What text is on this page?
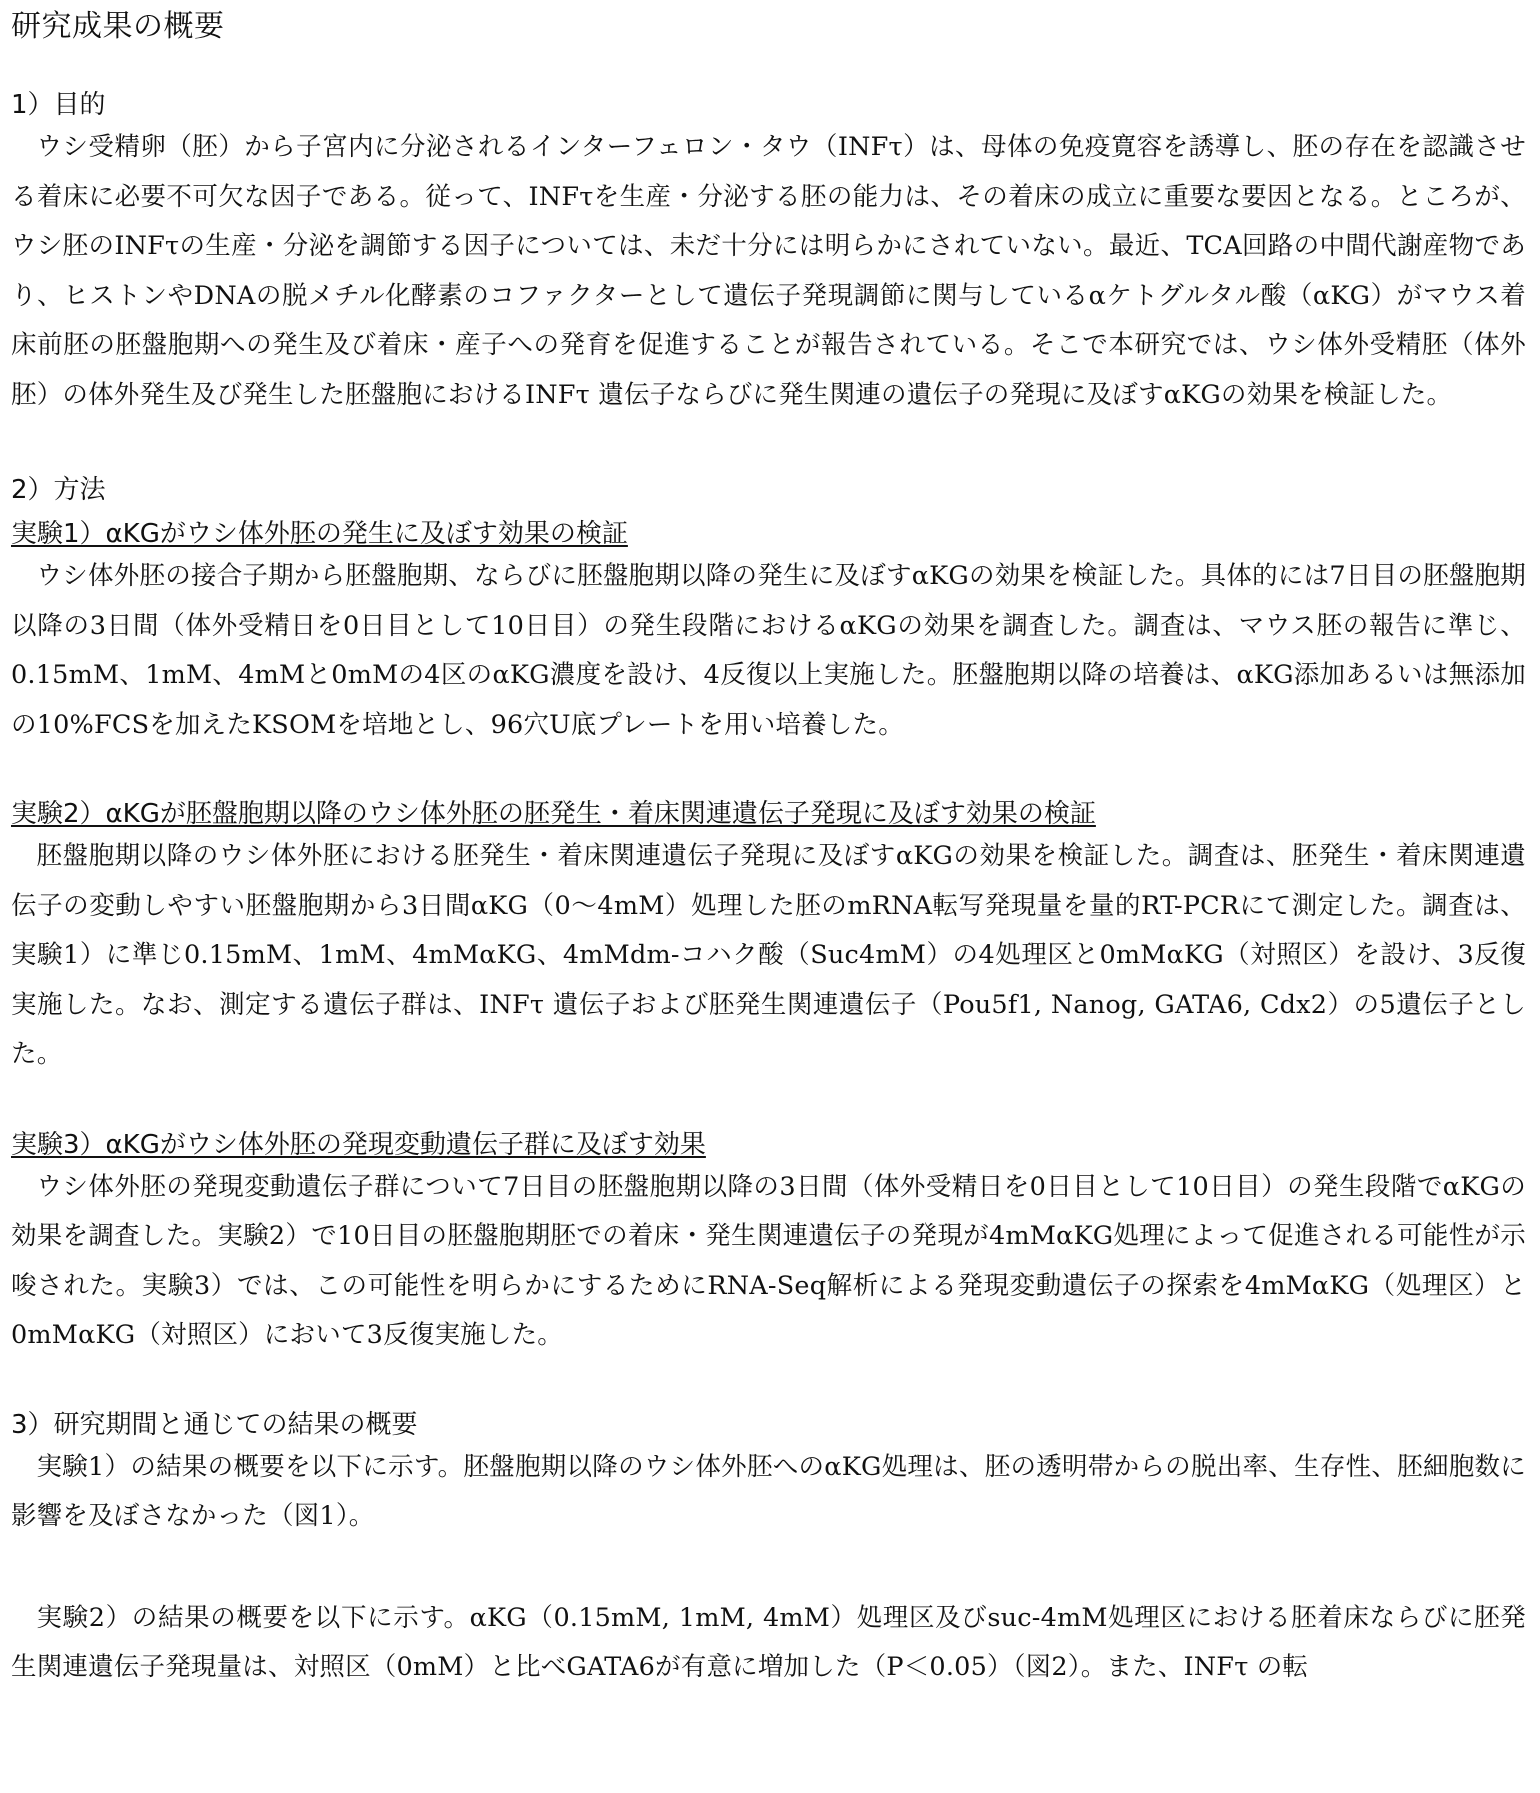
研究成果の概要
1）目的

ウシ受精卵（胚）から子宮内に分泌されるインターフェロン・タウ（INFτ）は、母体の免疫寛容を誘導し、胚の存在を認識させる着床に必要不可欠な因子である。従って、INFτを生産・分泌する胚の能力は、その着床の成立に重要な要因となる。ところが、ウシ胚のINFτの生産・分泌を調節する因子については、未だ十分には明らかにされていない。最近、TCA回路の中間代謝産物であり、ヒストンやDNAの脱メチル化酵素のコファクターとして遺伝子発現調節に関与しているαケトグルタル酸（αKG）がマウス着床前胚の胚盤胞期への発生及び着床・産子への発育を促進することが報告されている。そこで本研究では、ウシ体外受精胚（体外胚）の体外発生及び発生した胚盤胞におけるINFτ 遺伝子ならびに発生関連の遺伝子の発現に及ぼすαKGの効果を検証した。

2）方法
実験1）αKGがウシ体外胚の発生に及ぼす効果の検証

ウシ体外胚の接合子期から胚盤胞期、ならびに胚盤胞期以降の発生に及ぼすαKGの効果を検証した。具体的には7日目の胚盤胞期以降の3日間（体外受精日を0日目として10日目）の発生段階におけるαKGの効果を調査した。調査は、マウス胚の報告に準じ、0.15mM、1mM、4mMと0mMの4区のαKG濃度を設け、4反復以上実施した。胚盤胞期以降の培養は、αKG添加あるいは無添加の10%FCSを加えたKSOMを培地とし、96穴U底プレートを用い培養した。

実験2）αKGが胚盤胞期以降のウシ体外胚の胚発生・着床関連遺伝子発現に及ぼす効果の検証

胚盤胞期以降のウシ体外胚における胚発生・着床関連遺伝子発現に及ぼすαKGの効果を検証した。調査は、胚発生・着床関連遺伝子の変動しやすい胚盤胞期から3日間αKG（0〜4mM）処理した胚のmRNA転写発現量を量的RT-PCRにて測定した。調査は、実験1）に準じ0.15mM、1mM、4mMαKG、4mMdm-コハク酸（Suc4mM）の4処理区と0mMαKG（対照区）を設け、3反復実施した。なお、測定する遺伝子群は、INFτ 遺伝子および胚発生関連遺伝子（Pou5f1, Nanog, GATA6, Cdx2）の5遺伝子とした。

実験3）αKGがウシ体外胚の発現変動遺伝子群に及ぼす効果

ウシ体外胚の発現変動遺伝子群について7日目の胚盤胞期以降の3日間（体外受精日を0日目として10日目）の発生段階でαKGの効果を調査した。実験2）で10日目の胚盤胞期胚での着床・発生関連遺伝子の発現が4mMαKG処理によって促進される可能性が示唆された。実験3）では、この可能性を明らかにするためにRNA-Seq解析による発現変動遺伝子の探索を4mMαKG（処理区）と0mMαKG（対照区）において3反復実施した。

3）研究期間と通じての結果の概要

実験1）の結果の概要を以下に示す。胚盤胞期以降のウシ体外胚へのαKG処理は、胚の透明帯からの脱出率、生存性、胚細胞数に影響を及ぼさなかった（図1）。

実験2）の結果の概要を以下に示す。αKG（0.15mM, 1mM, 4mM）処理区及びsuc-4mM処理区における胚着床ならびに胚発生関連遺伝子発現量は、対照区（0mM）と比べGATA6が有意に増加した（P＜0.05）（図2）。また、INFτ の転
